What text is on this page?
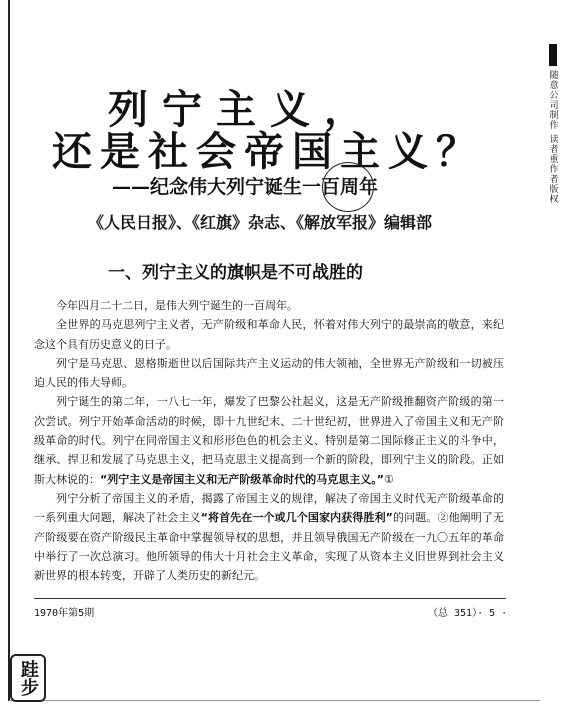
列宁主义，
还是社会帝国主义？
——纪念伟大列宁诞生一百周年
《人民日报》、《红旗》杂志、《解放军报》编辑部
一、列宁主义的旗帜是不可战胜的

今年四月二十二日，是伟大列宁诞生的一百周年。

全世界的马克思列宁主义者，无产阶级和革命人民，怀着对伟大列宁的最崇高的敬意，来纪念这个具有历史意义的日子。

列宁是马克思、恩格斯逝世以后国际共产主义运动的伟大领袖，全世界无产阶级和一切被压迫人民的伟大导师。

列宁诞生的第二年，一八七一年，爆发了巴黎公社起义，这是无产阶级推翻资产阶级的第一次尝试。列宁开始革命活动的时候，即十九世纪末、二十世纪初，世界进入了帝国主义和无产阶级革命的时代。列宁在同帝国主义和形形色色的机会主义、特别是第二国际修正主义的斗争中，继承、捍卫和发展了马克思主义，把马克思主义提高到一个新的阶段，即列宁主义的阶段。正如斯大林说的：“列宁主义是帝国主义和无产阶级革命时代的马克思主义。”①

列宁分析了帝国主义的矛盾，揭露了帝国主义的规律，解决了帝国主义时代无产阶级革命的一系列重大问题，解决了社会主义“将首先在一个或几个国家内获得胜利”的问题。②他阐明了无产阶级要在资产阶级民主革命中掌握领导权的思想，并且领导俄国无产阶级在一九〇五年的革命中举行了一次总演习。他所领导的伟大十月社会主义革命，实现了从资本主义旧世界到社会主义新世界的根本转变，开辟了人类历史的新纪元。

1970年第5期	（总 351）· 5 ·
跬步
随意公司制作 读者重作者版权
